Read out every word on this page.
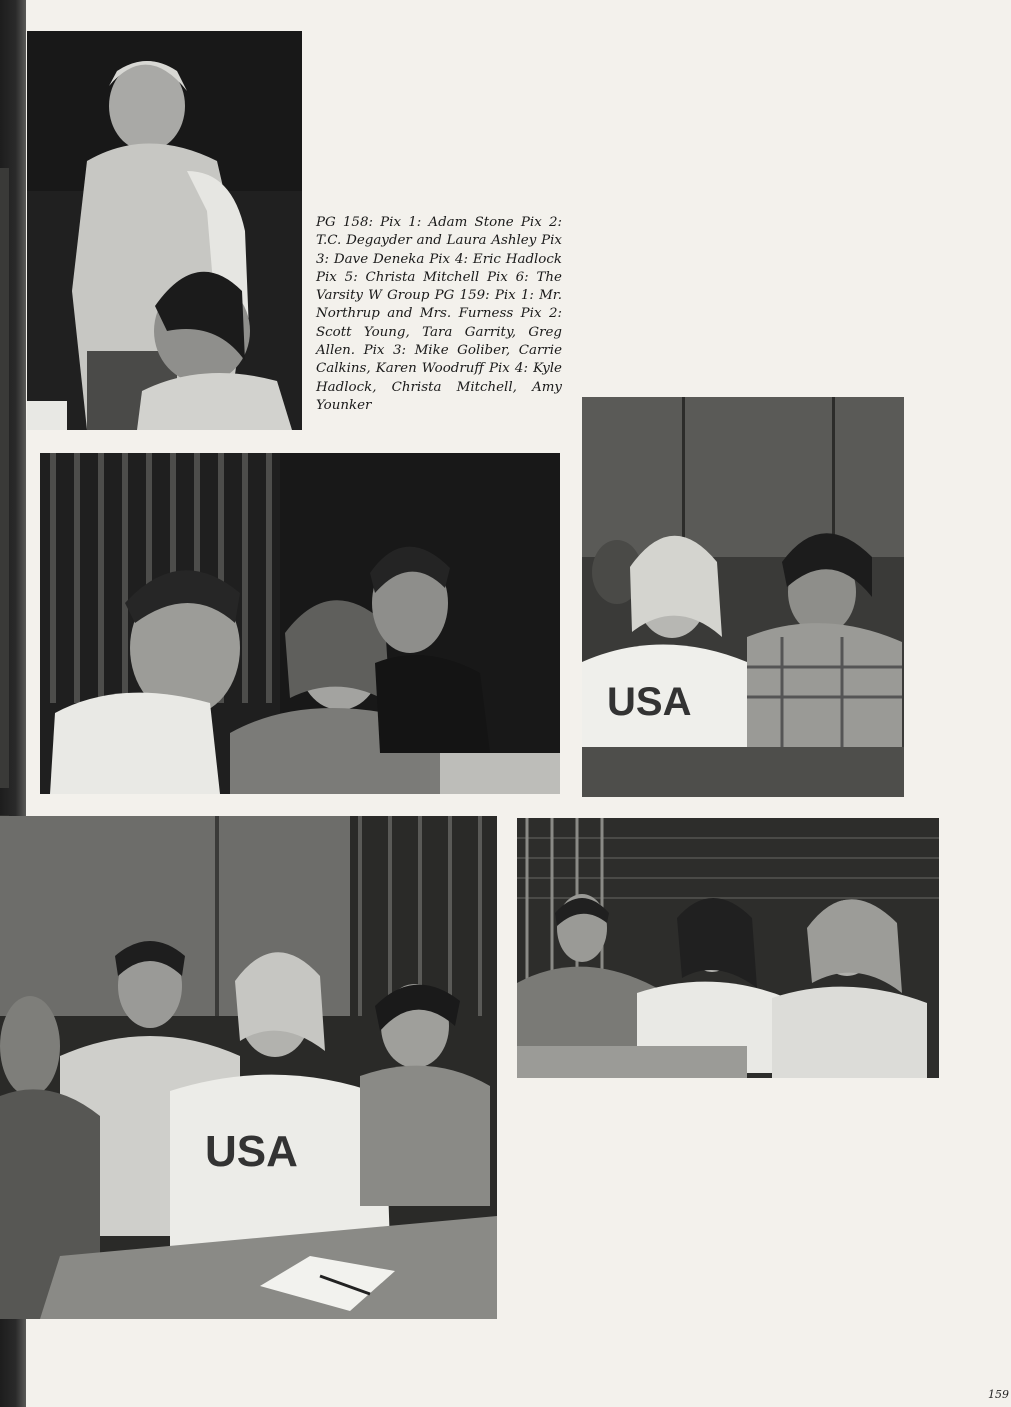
PG 158: Pix 1: Adam Stone Pix 2: T.C. Degayder and Laura Ashley Pix 3: Dave Deneka Pix 4: Eric Hadlock Pix 5: Christa Mitchell Pix 6: The Varsity W Group PG 159: Pix 1: Mr. Northrup and Mrs. Furness Pix 2: Scott Young, Tara Garrity, Greg Allen. Pix 3: Mike Goliber, Carrie Calkins, Karen Woodruff Pix 4: Kyle Hadlock, Christa Mitchell, Amy Younker

USA
USA

159
